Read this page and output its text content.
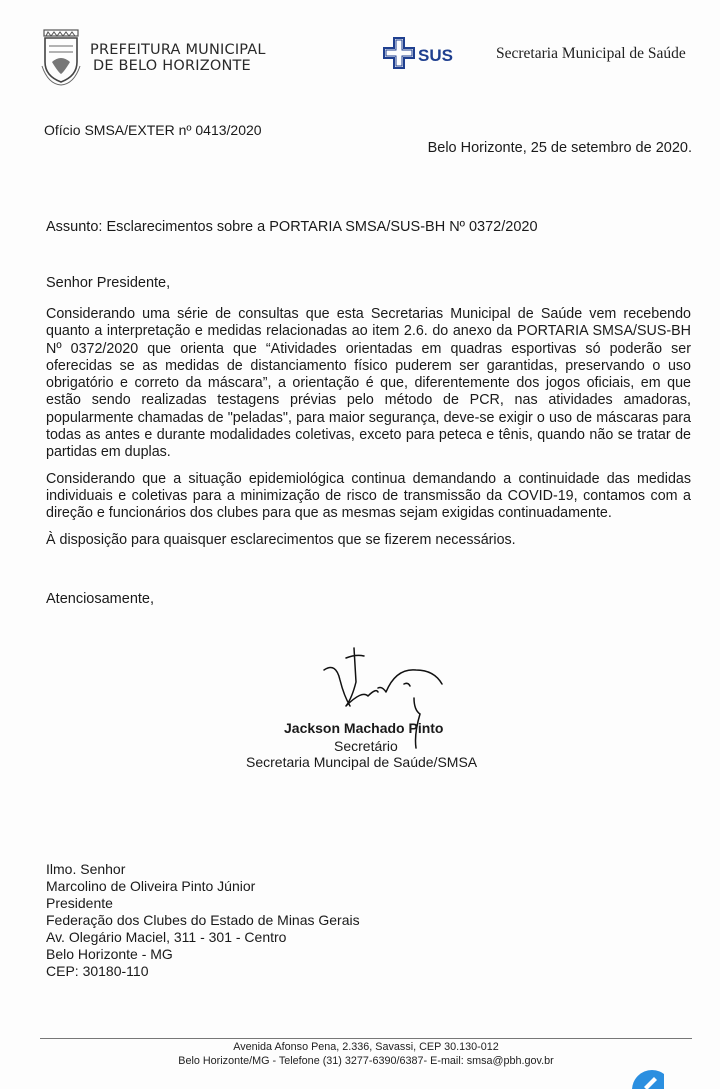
PREFEITURA MUNICIPAL
DE BELO HORIZONTE
SUS	Secretaria Municipal de Saúde
Ofício SMSA/EXTER nº 0413/2020
Belo Horizonte, 25 de setembro de 2020.
Assunto: Esclarecimentos sobre a PORTARIA SMSA/SUS-BH Nº 0372/2020
Senhor Presidente,

Considerando uma série de consultas que esta Secretarias Municipal de Saúde vem recebendo quanto a interpretação e medidas relacionadas ao item 2.6. do anexo da PORTARIA SMSA/SUS-BH Nº 0372/2020 que orienta que “Atividades orientadas em quadras esportivas só poderão ser oferecidas se as medidas de distanciamento físico puderem ser garantidas, preservando o uso obrigatório e correto da máscara”, a orientação é que, diferentemente dos jogos oficiais, em que estão sendo realizadas testagens prévias pelo método de PCR, nas atividades amadoras, popularmente chamadas de "peladas", para maior segurança, deve-se exigir o uso de máscaras para todas as antes e durante modalidades coletivas, exceto para peteca e tênis, quando não se tratar de partidas em duplas.

Considerando que a situação epidemiológica continua demandando a continuidade das medidas individuais e coletivas para a minimização de risco de transmissão da COVID-19, contamos com a direção e funcionários dos clubes para que as mesmas sejam exigidas continuadamente.

À disposição para quaisquer esclarecimentos que se fizerem necessários.

Atenciosamente,
Jackson Machado Pinto
Secretário
Secretaria Muncipal de Saúde/SMSA
Ilmo. Senhor
Marcolino de Oliveira Pinto Júnior
Presidente
Federação dos Clubes do Estado de Minas Gerais
Av. Olegário Maciel, 311 - 301 - Centro
Belo Horizonte - MG
CEP: 30180-110
Avenida Afonso Pena, 2.336, Savassi, CEP 30.130-012
Belo Horizonte/MG - Telefone (31) 3277-6390/6387- E-mail: smsa@pbh.gov.br
